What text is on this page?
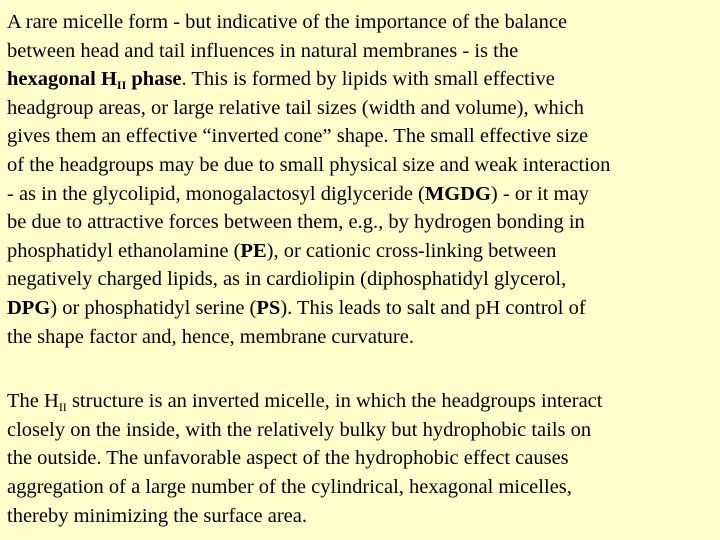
A rare micelle form - but indicative of the importance of the balance
between head and tail influences in natural membranes - is the
hexagonal $H_{II}$ phase. This is formed by lipids with small effective
headgroup areas, or large relative tail sizes (width and volume), which
gives them an effective “inverted cone” shape. The small effective size
of the headgroups may be due to small physical size and weak interaction
- as in the glycolipid, monogalactosyl diglyceride (MGDG) - or it may
be due to attractive forces between them, e.g., by hydrogen bonding in
phosphatidyl ethanolamine (PE), or cationic cross-linking between
negatively charged lipids, as in cardiolipin (diphosphatidyl glycerol,
DPG) or phosphatidyl serine (PS). This leads to salt and pH control of
the shape factor and, hence, membrane curvature.

The $H_{II}$ structure is an inverted micelle, in which the headgroups interact
closely on the inside, with the relatively bulky but hydrophobic tails on
the outside. The unfavorable aspect of the hydrophobic effect causes
aggregation of a large number of the cylindrical, hexagonal micelles,
thereby minimizing the surface area.
